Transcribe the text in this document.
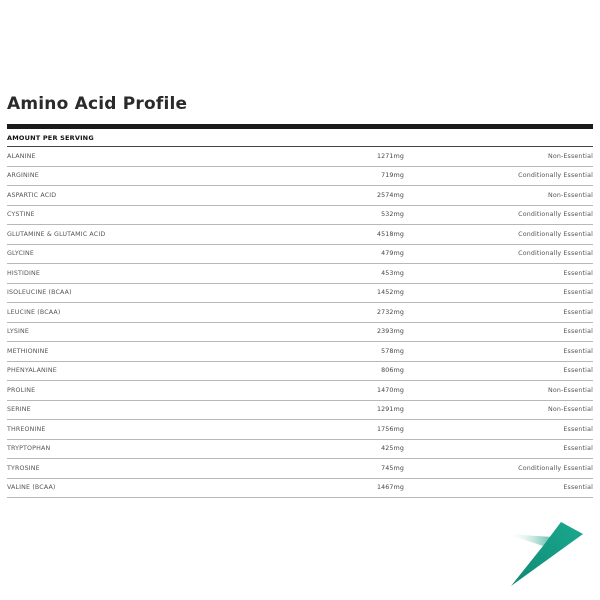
Amino Acid Profile
AMOUNT PER SERVING
ALANINE	1271mg	Non-Essential
ARGININE	719mg	Conditionally Essential
ASPARTIC ACID	2574mg	Non-Essential
CYSTINE	532mg	Conditionally Essential
GLUTAMINE & GLUTAMIC ACID	4518mg	Conditionally Essential
GLYCINE	479mg	Conditionally Essential
HISTIDINE	453mg	Essential
ISOLEUCINE (BCAA)	1452mg	Essential
LEUCINE (BCAA)	2732mg	Essential
LYSINE	2393mg	Essential
METHIONINE	578mg	Essential
PHENYALANINE	806mg	Essential
PROLINE	1470mg	Non-Essential
SERINE	1291mg	Non-Essential
THREONINE	1756mg	Essential
TRYPTOPHAN	425mg	Essential
TYROSINE	745mg	Conditionally Essential
VALINE (BCAA)	1467mg	Essential
